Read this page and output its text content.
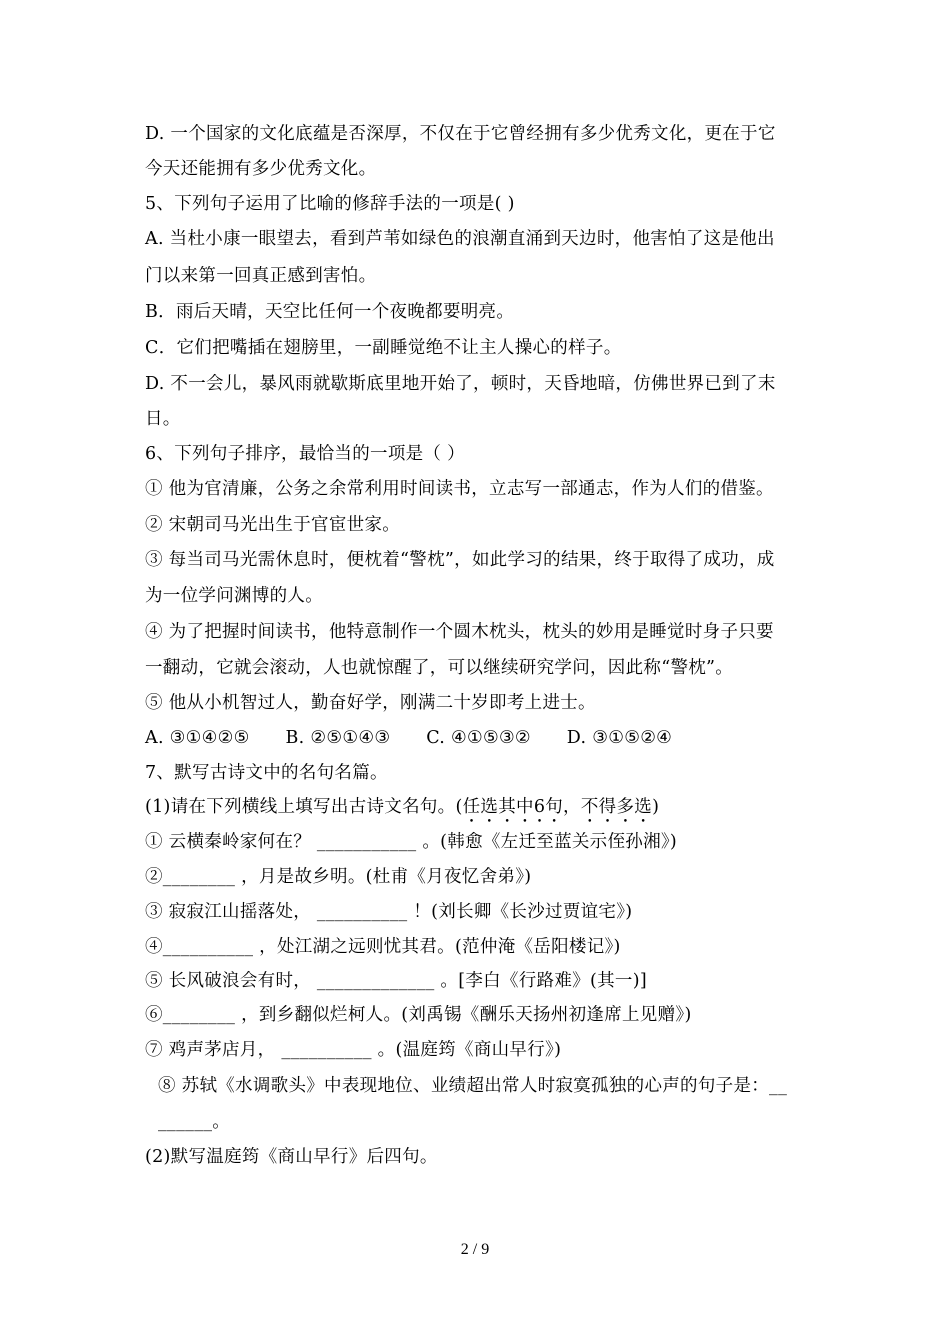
D. 一个国家的文化底蕴是否深厚，不仅在于它曾经拥有多少优秀文化，更在于它
今天还能拥有多少优秀文化。
5、下列句子运用了比喻的修辞手法的一项是( )
A. 当杜小康一眼望去，看到芦苇如绿色的浪潮直涌到天边时，他害怕了这是他出
门以来第一回真正感到害怕。
B．雨后天晴，天空比任何一个夜晚都要明亮。
C．它们把嘴插在翅膀里，一副睡觉绝不让主人操心的样子。
D. 不一会儿，暴风雨就歇斯底里地开始了，顿时，天昏地暗，仿佛世界已到了末
日。
6、下列句子排序，最恰当的一项是（ ）
① 他为官清廉，公务之余常利用时间读书，立志写一部通志，作为人们的借鉴。
② 宋朝司马光出生于官宦世家。
③ 每当司马光需休息时，便枕着“警枕”，如此学习的结果，终于取得了成功，成
为一位学问渊博的人。
④ 为了把握时间读书，他特意制作一个圆木枕头，枕头的妙用是睡觉时身子只要
一翻动，它就会滚动，人也就惊醒了，可以继续研究学问，因此称“警枕”。
⑤ 他从小机智过人，勤奋好学，刚满二十岁即考上进士。
A. ③①④②⑤ B. ②⑤①④③ C. ④①⑤③② D. ③①⑤②④
7、默写古诗文中的名句名篇。
(1)请在下列横线上填写出古诗文名句。(任选其中6句，不得多选)
① 云横秦岭家何在？ ___________ 。(韩愈《左迁至蓝关示侄孙湘》)
②________ ，月是故乡明。(杜甫《月夜忆舍弟》)
③ 寂寂江山摇落处， __________ ！(刘长卿《长沙过贾谊宅》)
④__________ ，处江湖之远则忧其君。(范仲淹《岳阳楼记》)
⑤ 长风破浪会有时， _____________ 。[李白《行路难》(其一)]
⑥________ ，到乡翻似烂柯人。(刘禹锡《酬乐天扬州初逢席上见赠》)
⑦ 鸡声茅店月， __________ 。(温庭筠《商山早行》)
⑧ 苏轼《水调歌头》中表现地位、业绩超出常人时寂寞孤独的心声的句子是：__
______。
(2)默写温庭筠《商山早行》后四句。
2 / 9
